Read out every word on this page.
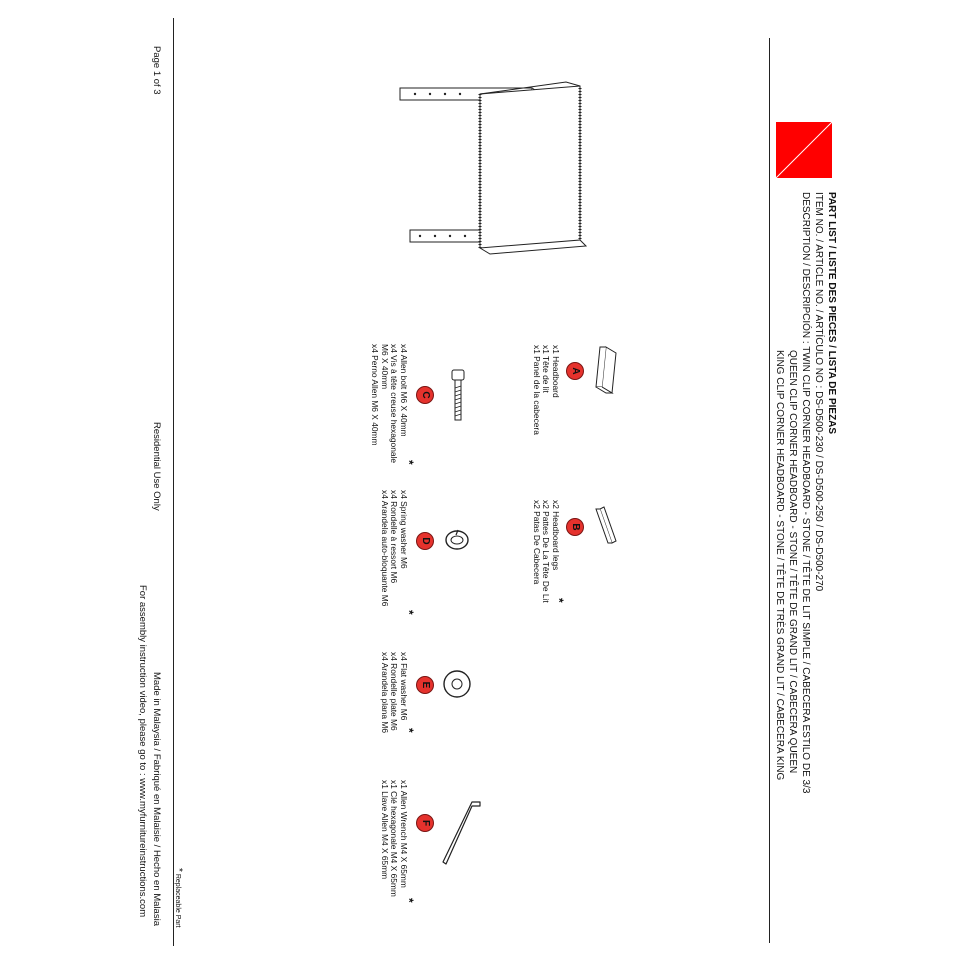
PART LIST / LISTE DES PIECES / LISTA DE PIEZAS
ITEM NO. / ARTICLE NO. / ARTÍCULO NO : DS-D500-230 / DS-D500-250 / DS-D500-270
DESCRIPTION / DESCRIPCIÓN : TWIN CLIP CORNER HEADBOARD - STONE / TÊTE DE LIT SIMPLE / CABECERA ESTILO DE 3/3
QUEEN CLIP CORNER HEADBOARD - STONE / TÊTE DE GRAND LIT / CABECERA QUEEN
KING CLIP CORNER HEADBOARD - STONE / TÊTE DE TRÈS GRAND LIT / CABECERA KING
A
x1 Headboard
x1 Tête de lit
x1 Panel de la cabecera
B
*
x2 Headboard legs
x2 Pattes De La Tête De Lit
x2 Patas De Cabecera
C
*
x4 Allen bolt M6 X 40mm
x4 Vis à tête creuse hexagonale
M6 X 40mm
x4 Perno Allen M6 X 40mm
D
*
x4 Spring washer M6
x4 Rondelle à ressort M6
x4 Arandela auto-bloquante M6
E
*
x4 Flat washer M6
x4 Rondelle plate M6
x4 Arandela plana M6
F
*
x1 Allen Wrench M4 X 65mm
x1 Clé hexagonale M4 X 65mm
x1 Llave Allen M4 X 65mm
Page 1 of 3
Residential Use Only
Made in Malaysia / Fabriqué en Malaisie / Hecho en Malasia
For assembly instruction video, please go to : www.myfurnitureinstructions.com	* Replaceable Part
